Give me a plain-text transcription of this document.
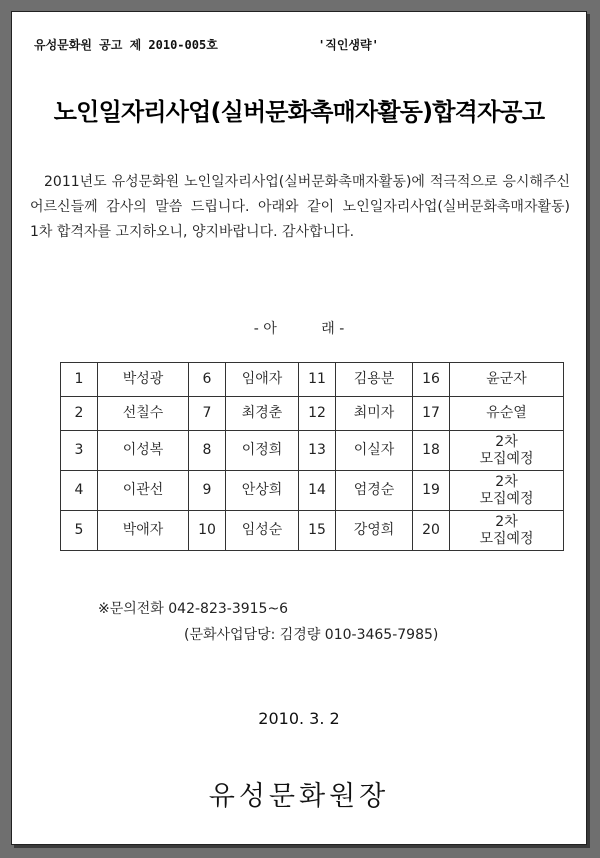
유성문화원 공고 제 2010-005호	'직인생략'
노인일자리사업(실버문화촉매자활동)합격자공고
2011년도 유성문화원 노인일자리사업(실버문화촉매자활동)에 적극적으로 응시해주신 어르신들께 감사의 말씀 드립니다. 아래와 같이 노인일자리사업(실버문화촉매자활동) 1차 합격자를 고지하오니, 양지바랍니다. 감사합니다.
- 아          래 -
1	박성광	6	임애자	11	김용분	16	윤군자
2	선칠수	7	최경춘	12	최미자	17	유순열
3	이성복	8	이정희	13	이실자	18	2차
모집예정
4	이관선	9	안상희	14	엄경순	19	2차
모집예정
5	박애자	10	임성순	15	강영희	20	2차
모집예정
※문의전화 042-823-3915~6
(문화사업담당: 김경량 010-3465-7985)
2010. 3. 2
유성문화원장
